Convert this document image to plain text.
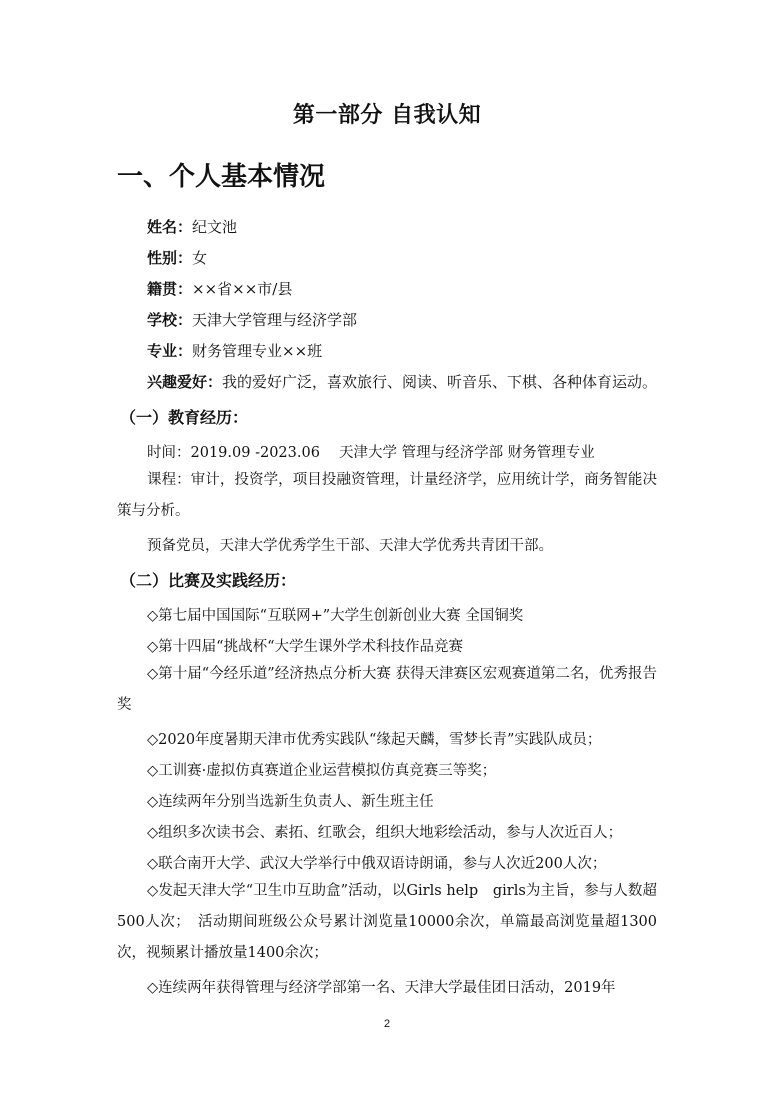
第一部分 自我认知
一、个人基本情况
姓名：纪文池
性别：女
籍贯：××省××市/县
学校：天津大学管理与经济学部
专业：财务管理专业××班
兴趣爱好：我的爱好广泛，喜欢旅行、阅读、听音乐、下棋、各种体育运动。
（一）教育经历：
时间：2019.09 -2023.06　 天津大学 管理与经济学部 财务管理专业
课程：审计，投资学，项目投融资管理，计量经济学，应用统计学，商务智能决策与分析。
预备党员，天津大学优秀学生干部、天津大学优秀共青团干部。
（二）比赛及实践经历：
◇第七届中国国际“互联网+”大学生创新创业大赛 全国铜奖
◇第十四届“挑战杯“大学生课外学术科技作品竞赛
◇第十届“今经乐道”经济热点分析大赛 获得天津赛区宏观赛道第二名，优秀报告奖
◇2020年度暑期天津市优秀实践队“缘起天麟，雪梦长青”实践队成员；
◇工训赛·虚拟仿真赛道企业运营模拟仿真竞赛三等奖；
◇连续两年分别当选新生负责人、新生班主任
◇组织多次读书会、素拓、红歌会，组织大地彩绘活动，参与人次近百人；
◇联合南开大学、武汉大学举行中俄双语诗朗诵，参与人次近200人次；
◇发起天津大学“卫生巾互助盒”活动，以Girls help　girls为主旨，参与人数超500人次；　活动期间班级公众号累计浏览量10000余次，单篇最高浏览量超1300次，视频累计播放量1400余次；
◇连续两年获得管理与经济学部第一名、天津大学最佳团日活动，2019年
2
